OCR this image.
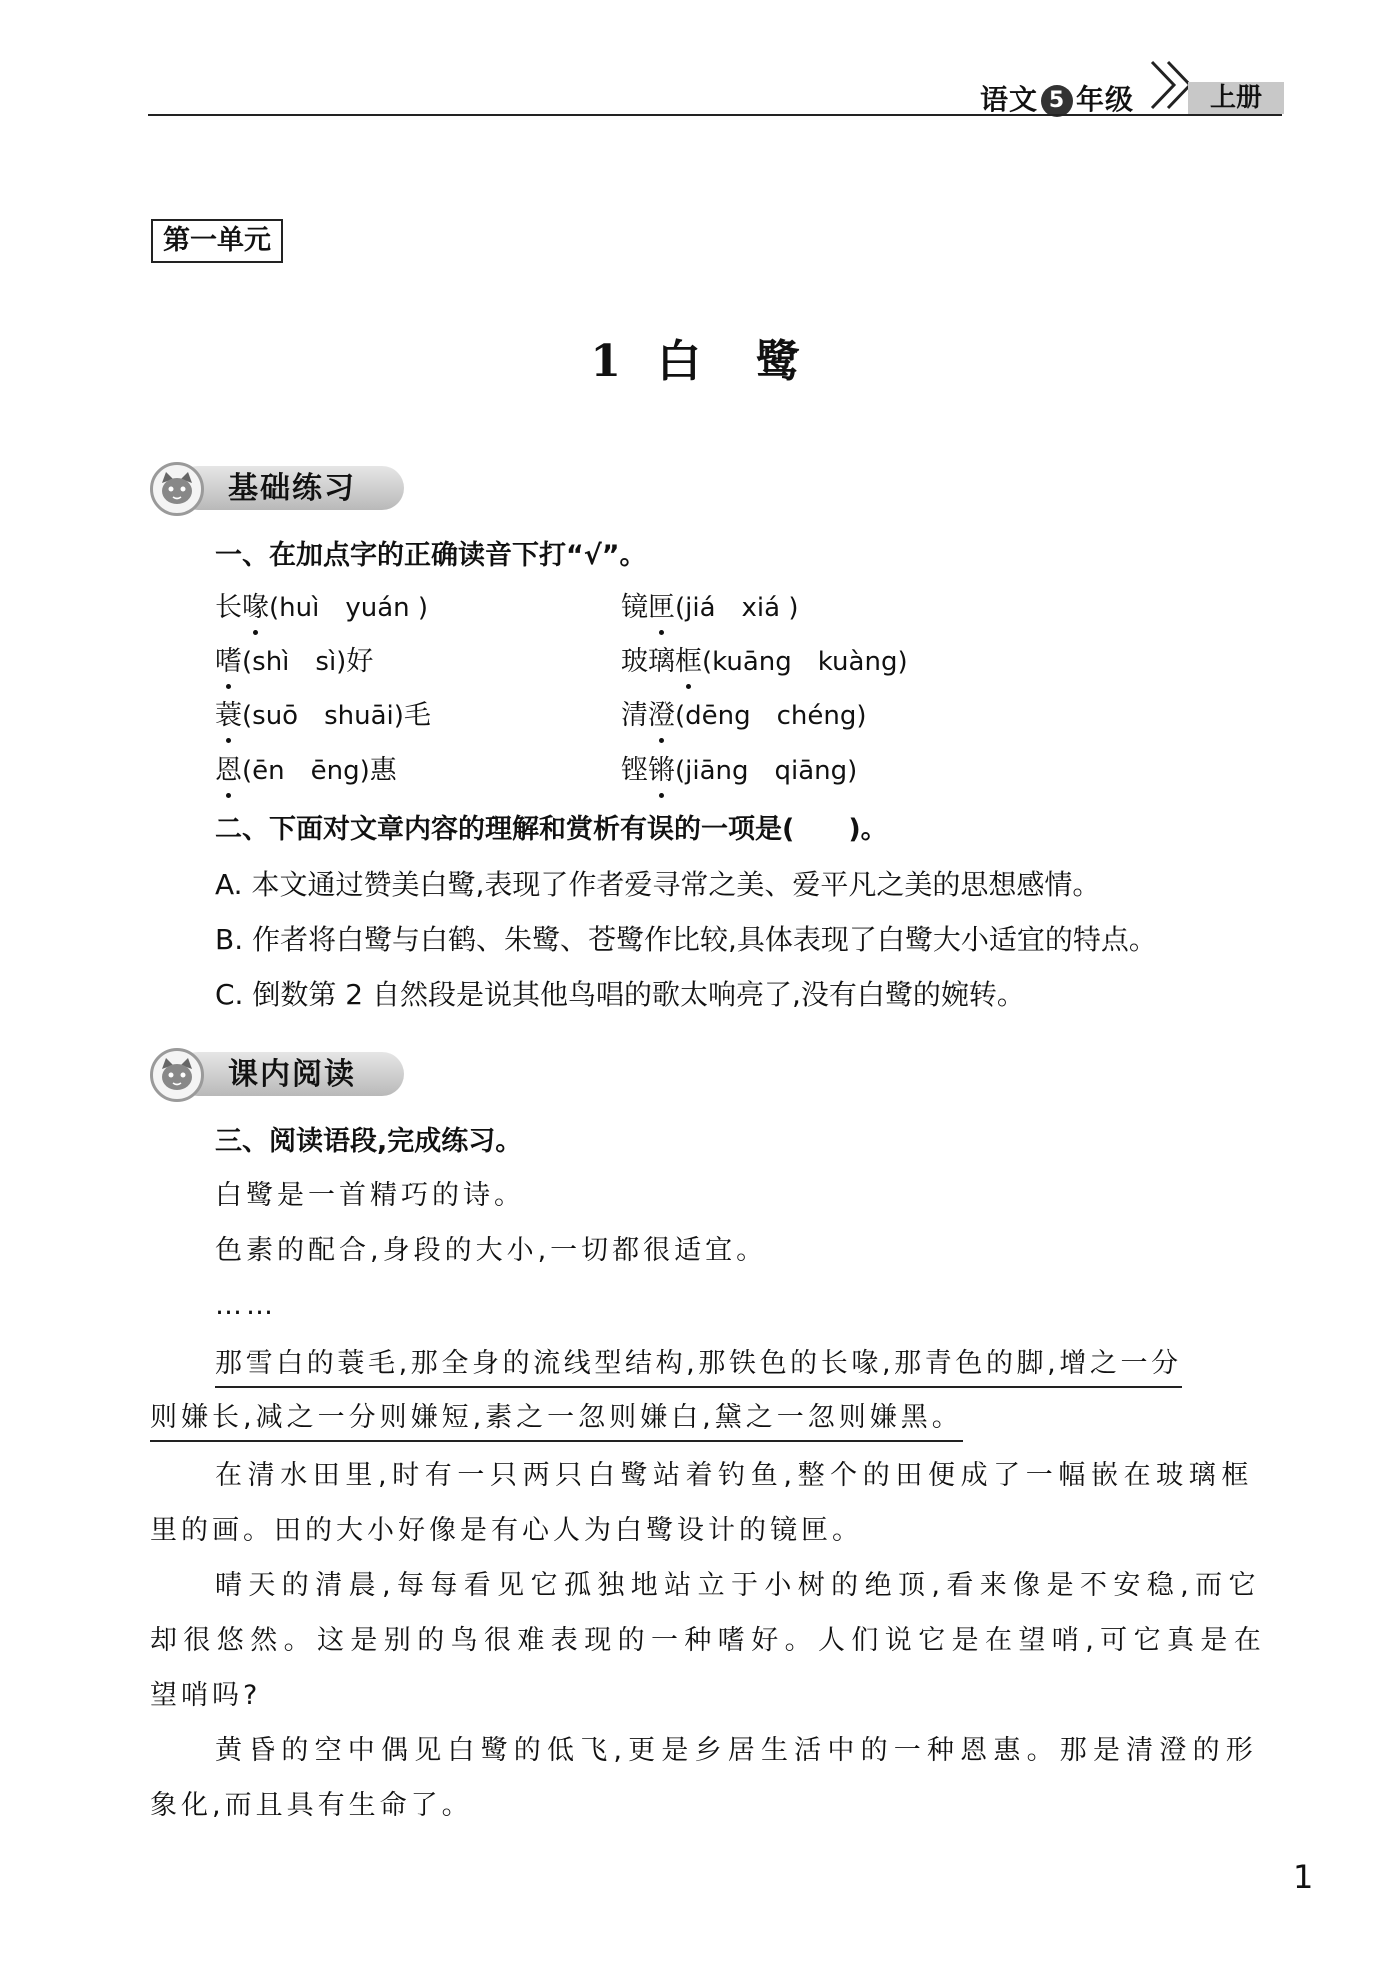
语文 5 年级	上册
第一单元
1 白  鹭
基础练习
一、在加点字的正确读音下打“√”。
长喙(huì　yuán )	镜匣(jiá　xiá )
嗜(shì　sì)好	玻璃框(kuāng　kuàng)
蓑(suō　shuāi)毛	清澄(dēng　chéng)
恩(ēn　ēng)惠	铿锵(jiāng　qiāng)
二、下面对文章内容的理解和赏析有误的一项是(　　)。
A. 本文通过赞美白鹭,表现了作者爱寻常之美、爱平凡之美的思想感情。
B. 作者将白鹭与白鹤、朱鹭、苍鹭作比较,具体表现了白鹭大小适宜的特点。
C. 倒数第 2 自然段是说其他鸟唱的歌太响亮了,没有白鹭的婉转。
课内阅读
三、阅读语段,完成练习。
白鹭是一首精巧的诗。
色素的配合,身段的大小,一切都很适宜。
……
那雪白的蓑毛,那全身的流线型结构,那铁色的长喙,那青色的脚,增之一分
则嫌长,减之一分则嫌短,素之一忽则嫌白,黛之一忽则嫌黑。
在清水田里,时有一只两只白鹭站着钓鱼,整个的田便成了一幅嵌在玻璃框
里的画。田的大小好像是有心人为白鹭设计的镜匣。
晴天的清晨,每每看见它孤独地站立于小树的绝顶,看来像是不安稳,而它
却很悠然。这是别的鸟很难表现的一种嗜好。人们说它是在望哨,可它真是在
望哨吗?
黄昏的空中偶见白鹭的低飞,更是乡居生活中的一种恩惠。那是清澄的形
象化,而且具有生命了。
1
